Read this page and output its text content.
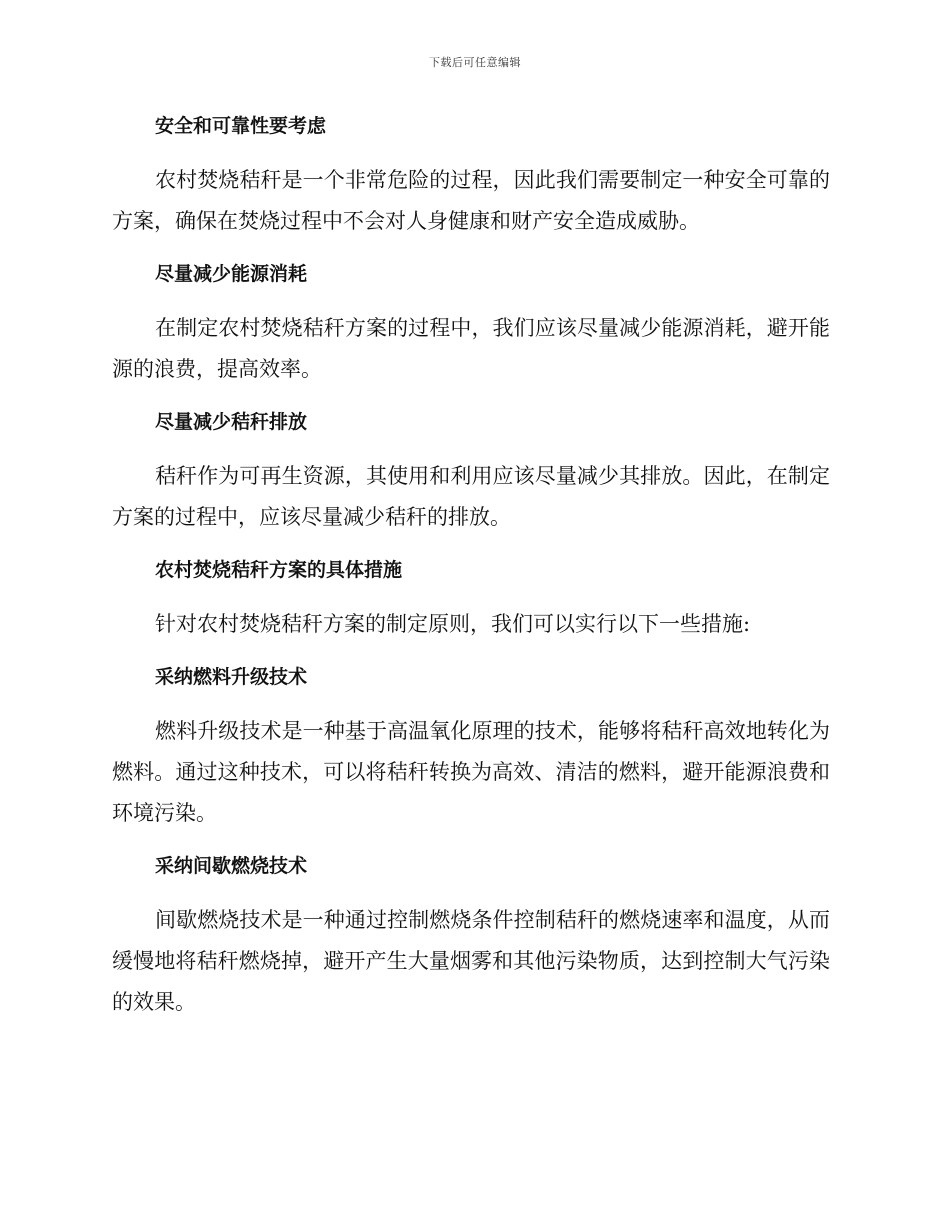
下载后可任意编辑
安全和可靠性要考虑

农村焚烧秸秆是一个非常危险的过程，因此我们需要制定一种安全可靠的方案，确保在焚烧过程中不会对人身健康和财产安全造成威胁。

尽量减少能源消耗

在制定农村焚烧秸秆方案的过程中，我们应该尽量减少能源消耗，避开能源的浪费，提高效率。

尽量减少秸秆排放

秸秆作为可再生资源，其使用和利用应该尽量减少其排放。因此，在制定方案的过程中，应该尽量减少秸秆的排放。

农村焚烧秸秆方案的具体措施

针对农村焚烧秸秆方案的制定原则，我们可以实行以下一些措施:

采纳燃料升级技术

燃料升级技术是一种基于高温氧化原理的技术，能够将秸秆高效地转化为燃料。通过这种技术，可以将秸秆转换为高效、清洁的燃料，避开能源浪费和环境污染。

采纳间歇燃烧技术

间歇燃烧技术是一种通过控制燃烧条件控制秸秆的燃烧速率和温度，从而缓慢地将秸秆燃烧掉，避开产生大量烟雾和其他污染物质，达到控制大气污染的效果。
